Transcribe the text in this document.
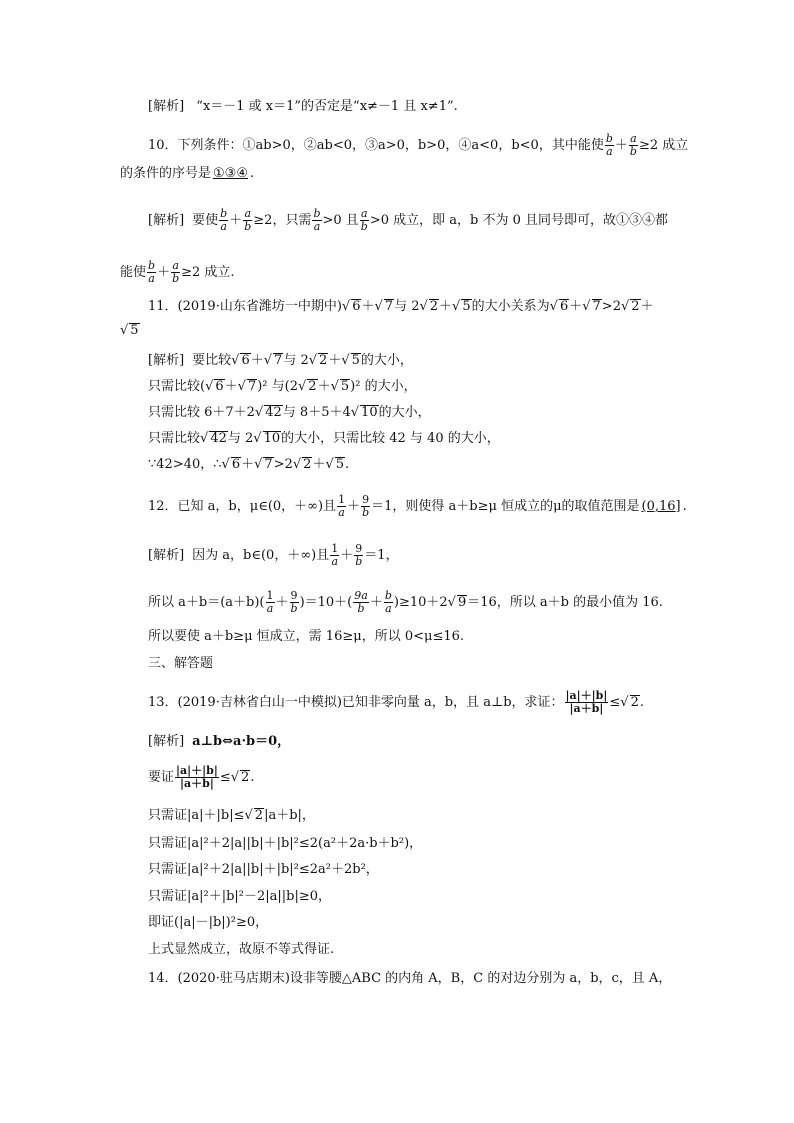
[解析] “x＝－1 或 x＝1”的否定是“x≠－1 且 x≠1”.
10．下列条件：①ab>0，②ab<0，③a>0，b>0，④a<0，b<0，其中能使 $\frac{b}{a} + \frac{a}{b} \ge 2$ 成立
的条件的序号是 ①③④ .
[解析] 要使 $\frac{b}{a} + \frac{a}{b} \ge 2$，只需 $\frac{b}{a} >0$ 且 $\frac{a}{b} >0$ 成立，即 a，b 不为 0 且同号即可，故①③④都
能使 $\frac{b}{a} + \frac{a}{b} \ge 2$ 成立.
11．(2019·山东省潍坊一中期中)√ 6＋√ 7与 2√ 2＋√ 5的大小关系为√ 6＋√ 7>2√ 2＋
√ 5
[解析] 要比较√ 6＋√ 7与 2√ 2＋√ 5的大小，
只需比较(√ 6＋√ 7)² 与(2√ 2＋√ 5)² 的大小，
只需比较 6＋7＋2√ 42与 8＋5＋4√ 10的大小，
只需比较√ 42与 2√ 10的大小，只需比较 42 与 40 的大小，
∵42>40，∴√ 6＋√ 7>2√ 2＋√ 5.
12．已知 a，b，μ∈(0，＋∞)且 $\frac{1}{a} + \frac{9}{b} =1$，则使得 a＋b≥μ 恒成立的μ的取值范围是 (0,16] .
[解析] 因为 a，b∈(0，＋∞)且 $\frac{1}{a} + \frac{9}{b} =1$，
所以 $a+b=(a+b)( \frac{1}{a} + \frac{9}{b} )=10+( \frac{9a}{b} + \frac{b}{a} )\ge 10+2√$ 9＝16，所以 a＋b 的最小值为 16.
所以要使 a＋b≥μ 恒成立，需 16≥μ，所以 0<μ≤16.
三、解答题
13．(2019·吉林省白山一中模拟)已知非零向量 a，b，且 a⊥b，求证： $\frac{|a|+|b|}{|a+b|}$ ≤√ 2.
[解析] a⊥b⇔a·b＝0，
要证 $\frac{|a|+|b|}{|a+b|}$ ≤√ 2.
只需证|a|＋|b|≤√ 2|a＋b|，
只需证|a|²＋2|a||b|＋|b|²≤2(a²＋2a·b＋b²)，
只需证|a|²＋2|a||b|＋|b|²≤2a²＋2b²，
只需证|a|²＋|b|²－2|a||b|≥0，
即证(|a|－|b|)²≥0，
上式显然成立，故原不等式得证.
14．(2020·驻马店期末)设非等腰△ABC 的内角 A，B，C 的对边分别为 a，b，c，且 A，
